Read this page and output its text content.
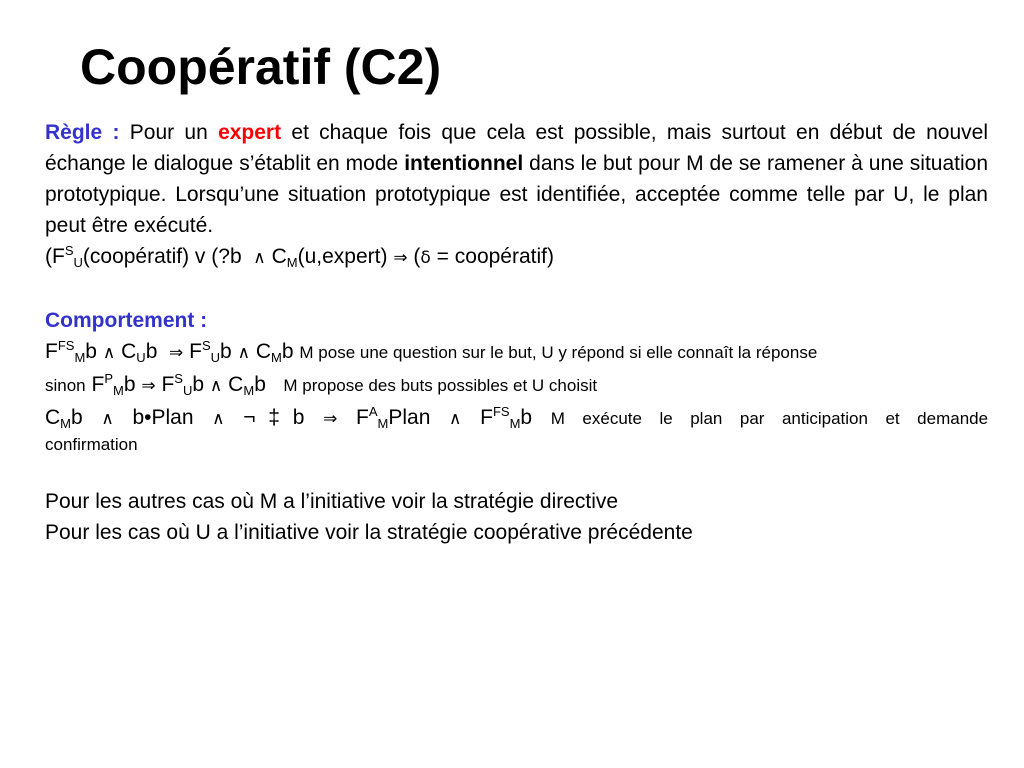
Coopératif (C2)

Règle : Pour un expert et chaque fois que cela est possible, mais surtout en début de nouvel échange le dialogue s’établit en mode intentionnel dans le but pour M de se ramener à une situation prototypique. Lorsqu’une situation prototypique est identifiée, acceptée comme telle par U, le plan peut être exécuté.

($F^S_U(coopératif)$ v (?b ∧ $C_M(u,expert)$ ⇒ (δ = coopératif)

Comportement :

$F^{FS}_Mb$ ∧ $C_Ub$ ⇒ $F^S_Ub$ ∧ $C_Mb$ M pose une question sur le but, U y répond si elle connaît la réponse

sinon $F^P_Mb$ ⇒ $F^S_Ub$ ∧ $C_Mb$ M propose des buts possibles et U choisit

$C_Mb$ ∧ b•Plan ∧ ¬‡b ⇒ $F^A_MPlan$ ∧ $F^{FS}_Mb$ M exécute le plan par anticipation et demande

confirmation

Pour les autres cas où M a l’initiative voir la stratégie directive

Pour les cas où U a l’initiative voir la stratégie coopérative précédente
